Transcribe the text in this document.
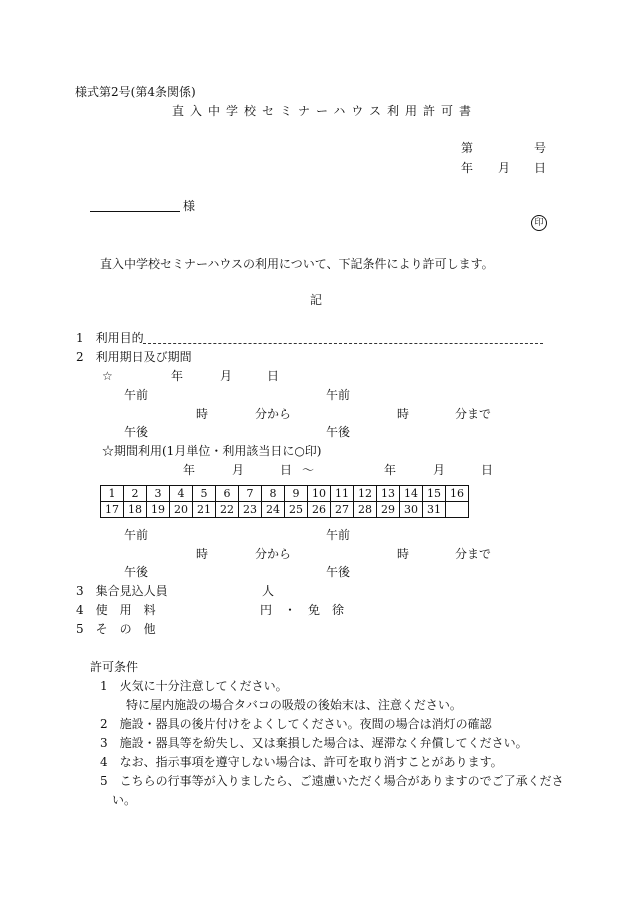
様式第2号(第4条関係)
直入中学校セミナーハウス利用許可書
第	号
年 月 日
様
印
直入中学校セミナーハウスの利用について、下記条件により許可します。
記
1　利用目的
2　利用期日及び期間
☆	年	月	日
午前	午前
時	分から	時	分まで
午後	午後
☆期間利用(1月単位・利用該当日に○印)
年	月	日 ～	年	月	日
1	2	3	4	5	6	7	8	9	10	11	12	13	14	15	16
17	18	19	20	21	22	23	24	25	26	27	28	29	30	31	
午前	午前
時	分から	時	分まで
午後	午後
3　集合見込人員	人
4　使　用　料	円　・　免　徐
5　そ　の　他
許可条件
1　火気に十分注意してください。
特に屋内施設の場合タバコの吸殻の後始末は、注意ください。
2　施設・器具の後片付けをよくしてください。夜間の場合は消灯の確認
3　施設・器具等を紛失し、又は棄損した場合は、遅滞なく弁償してください。
4　なお、指示事項を遵守しない場合は、許可を取り消すことがあります。
5　こちらの行事等が入りましたら、ご遠慮いただく場合がありますのでご了承くださ
い。
